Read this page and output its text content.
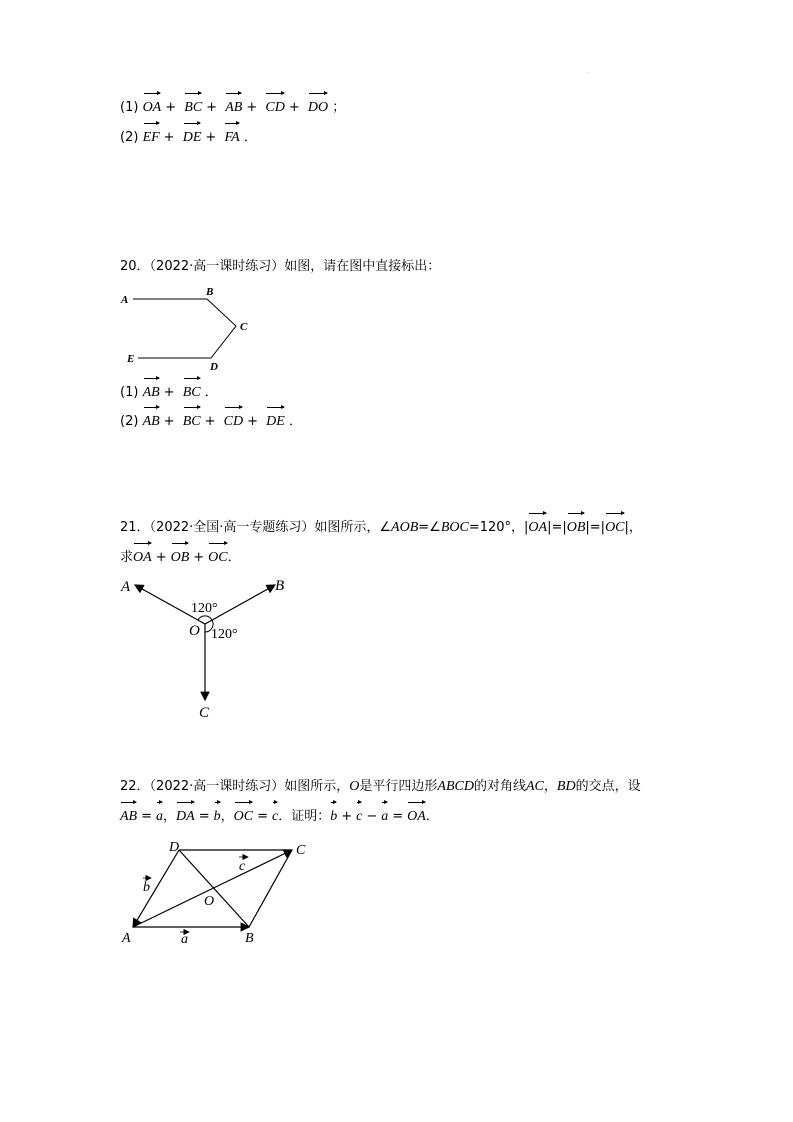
·
(1) OA + BC + AB + CD + DO ；
(2) EF + DE + FA ．
20．（2022·高一课时练习）如图，请在图中直接标出：
A
B
C
D
E
(1) AB + BC ．
(2) AB + BC + CD + DE ．
21．（2022·全国·高一专题练习）如图所示，∠AOB=∠BOC=120°，|
OA|=|
OB|=|
OC|，
求
OA + OB + OC．
A	B
C
O
120°
120°
22．（2022·高一课时练习）如图所示，O是平行四边形ABCD的对角线AC，BD的交点，设
AB = a，
DA = b，
OC = c．证明：
b + c − a = OA．
A	B
C
D
O
a
b
c
